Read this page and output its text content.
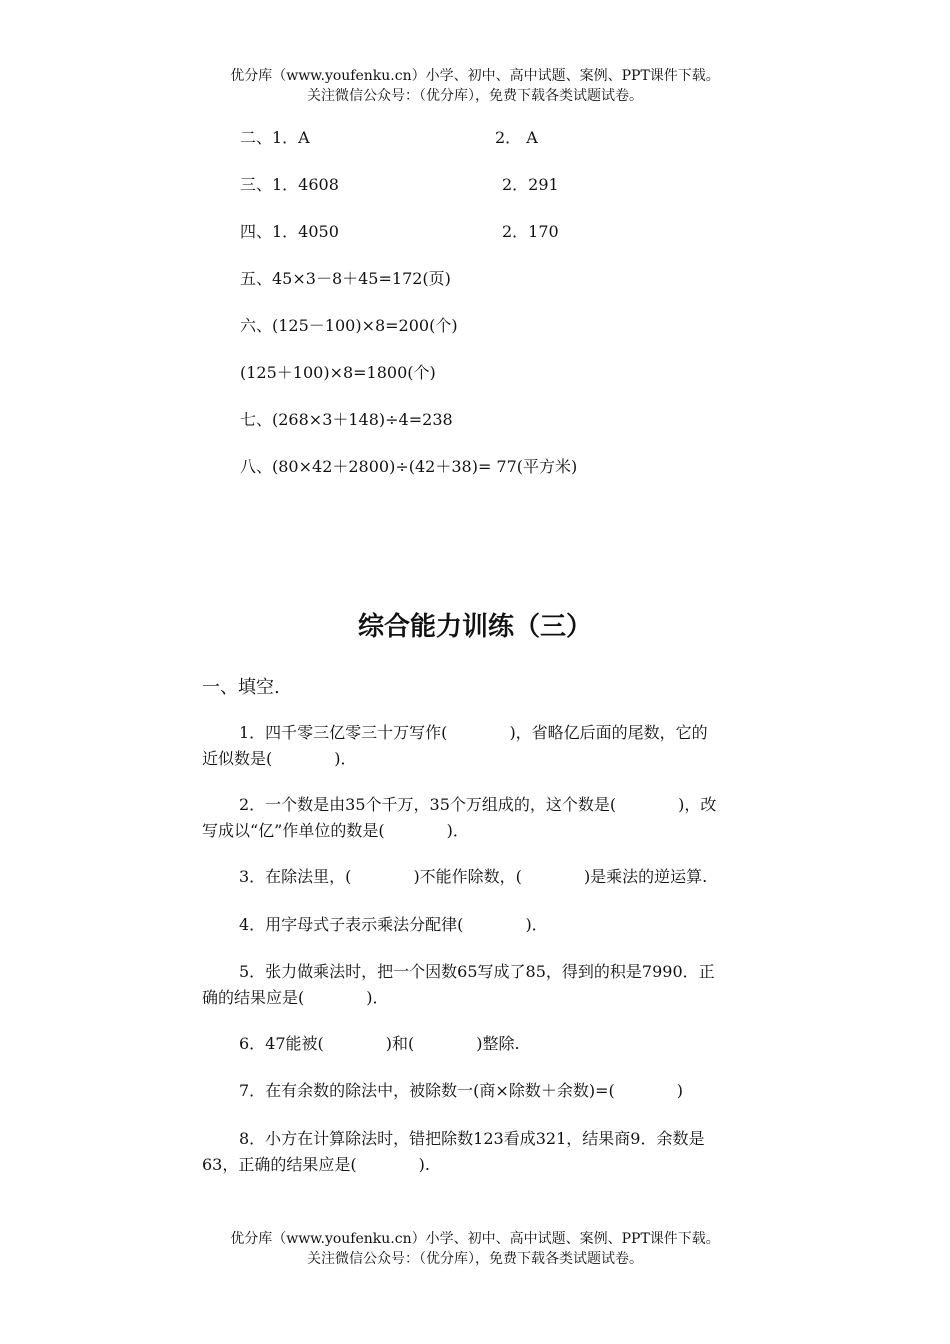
优分库（www.youfenku.cn）小学、初中、高中试题、案例、PPT课件下载。
关注微信公众号：（优分库），免费下载各类试题试卷。
二、1．A	2． A
三、1．4608	2．291
四、1．4050	2．170
五、45×3－8＋45=172(页)
六、(125－100)×8=200(个)
(125＋100)×8=1800(个)
七、(268×3＋148)÷4=238
八、(80×42＋2800)÷(42＋38)= 77(平方米)
综合能力训练（三）
一、填空.
1．四千零三亿零三十万写作(	)，省略亿后面的尾数，它的
近似数是(	)．
2．一个数是由35个千万，35个万组成的，这个数是(	)，改
写成以“亿”作单位的数是(	)．
3．在除法里，(	)不能作除数，(	)是乘法的逆运算.
4．用字母式子表示乘法分配律(	)．
5．张力做乘法时，把一个因数65写成了85，得到的积是7990．正
确的结果应是(	)．
6．47能被(	)和(	)整除.
7．在有余数的除法中，被除数一(商×除数＋余数)=(	)
8．小方在计算除法时，错把除数123看成321，结果商9．余数是
63，正确的结果应是(	).
优分库（www.youfenku.cn）小学、初中、高中试题、案例、PPT课件下载。
关注微信公众号：（优分库），免费下载各类试题试卷。
